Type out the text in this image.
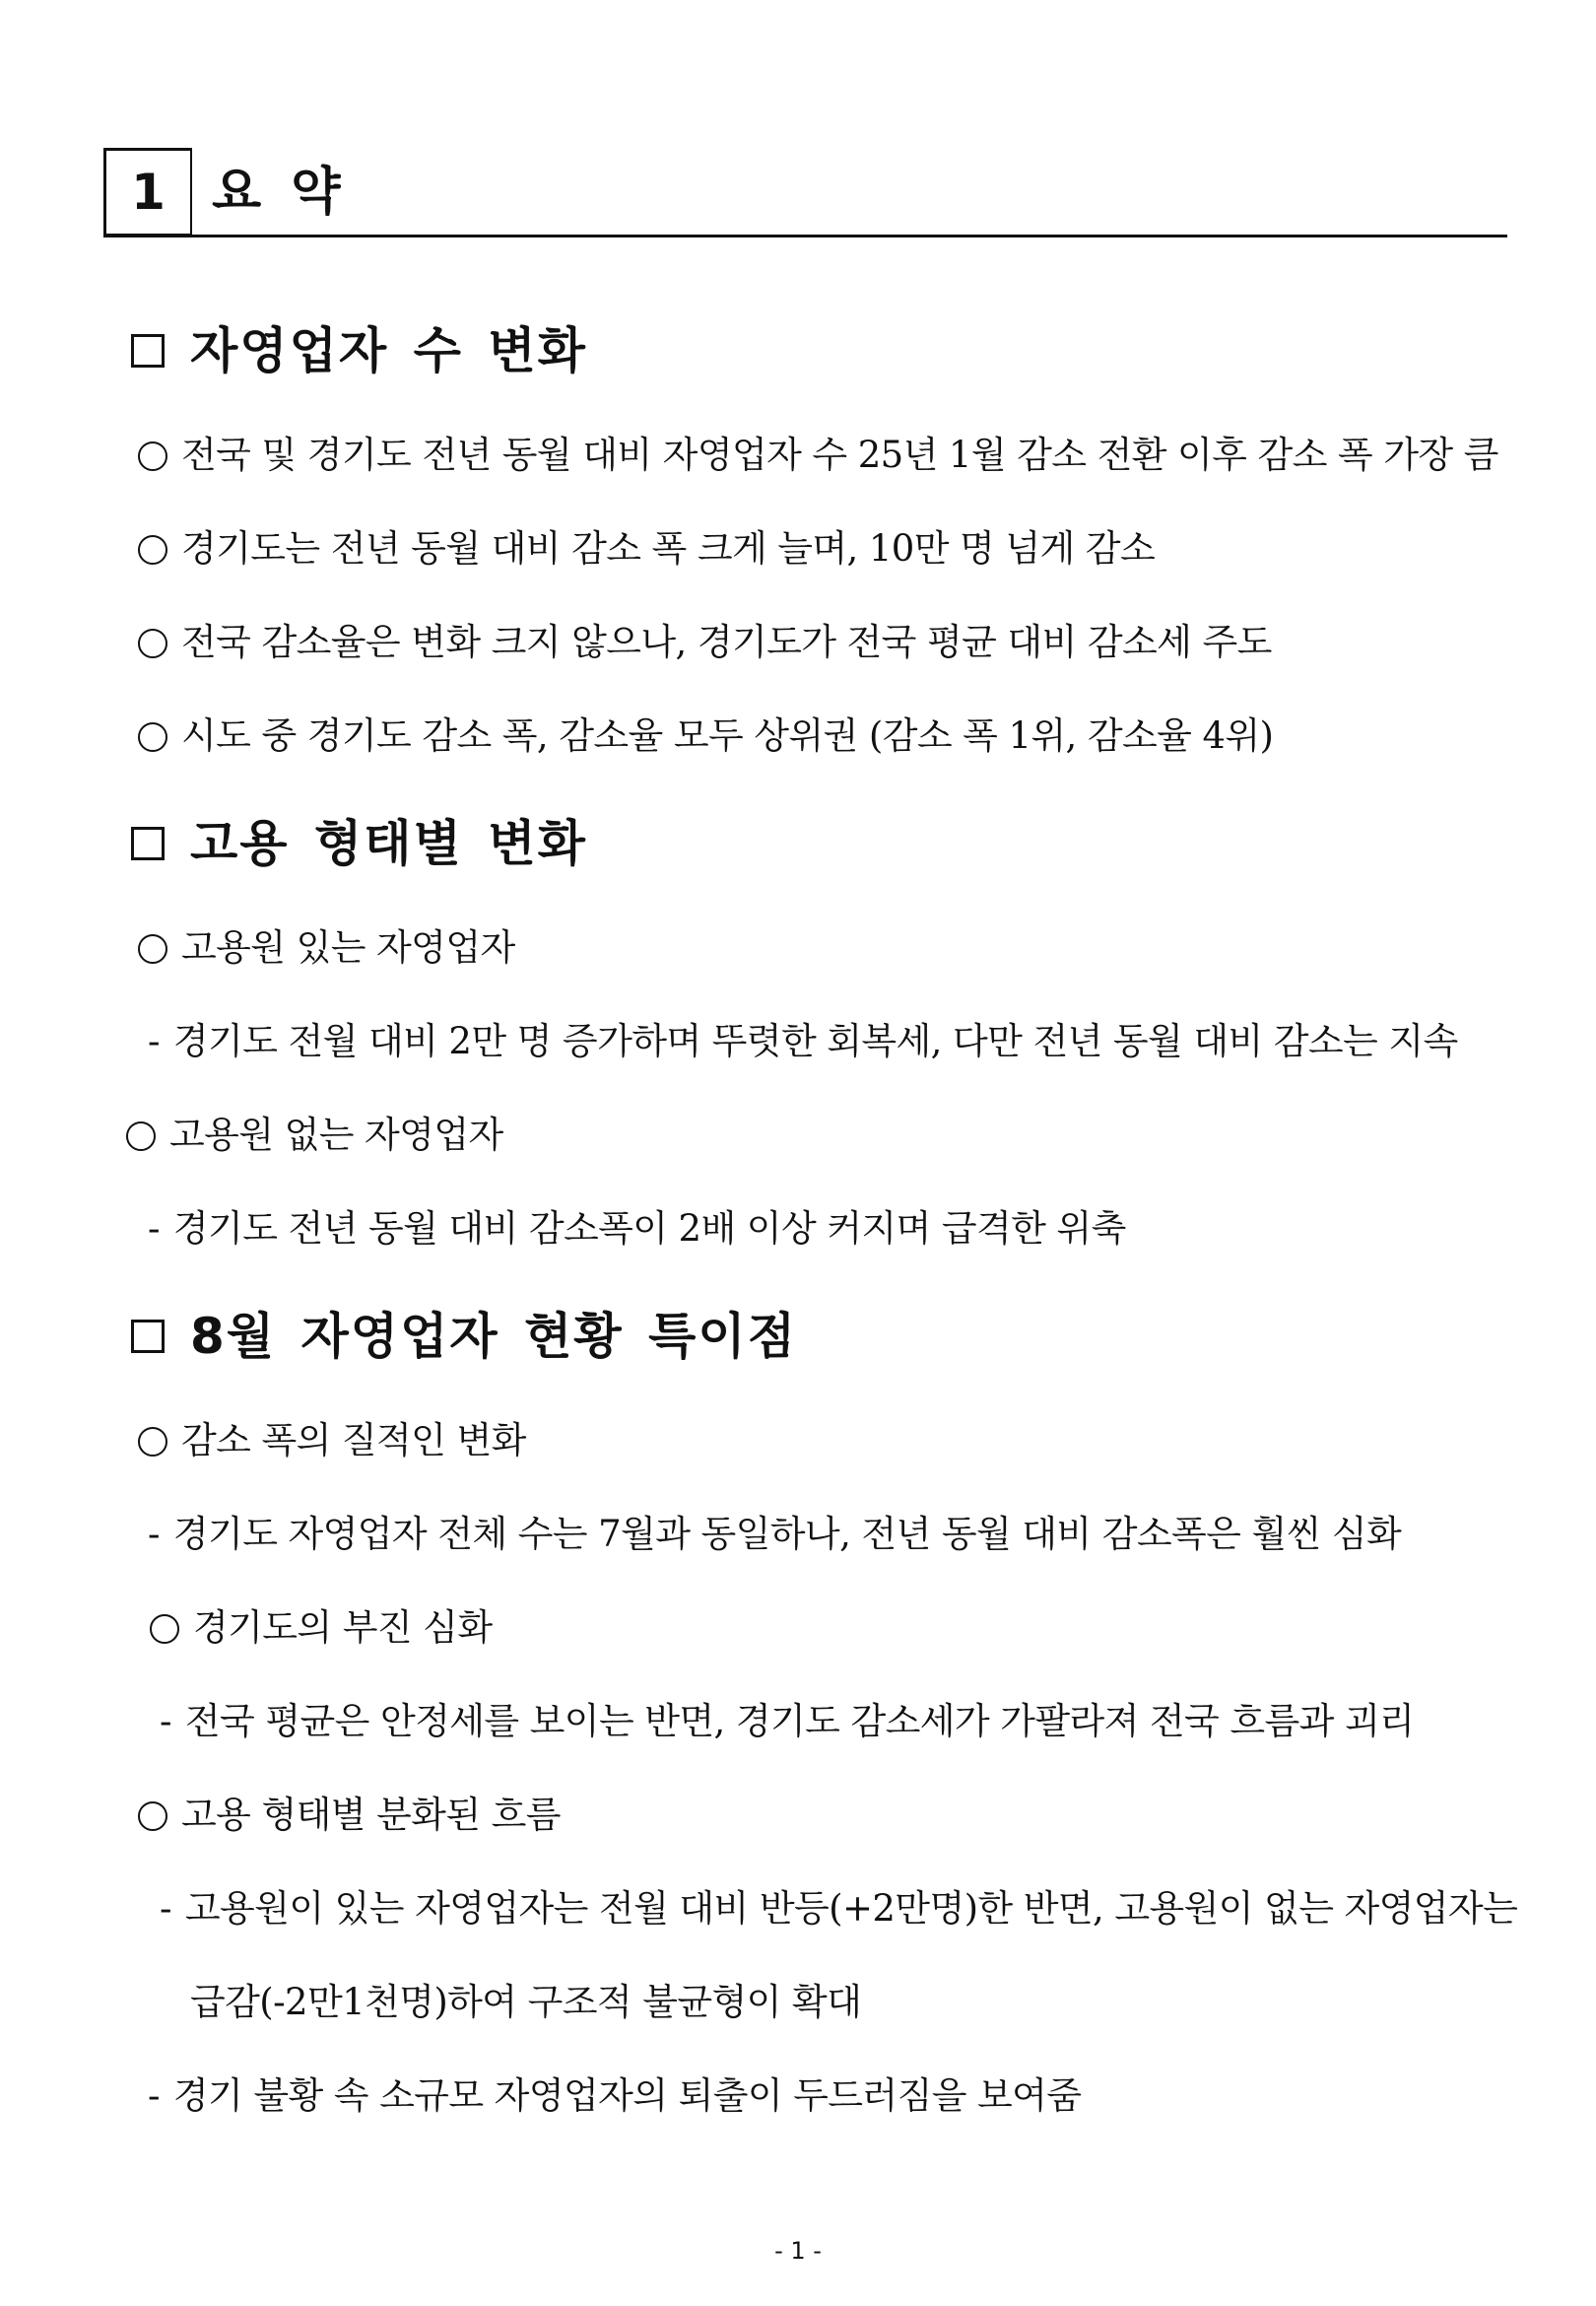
1 요 약
자영업자 수 변화
전국 및 경기도 전년 동월 대비 자영업자 수 25년 1월 감소 전환 이후 감소 폭 가장 큼
경기도는 전년 동월 대비 감소 폭 크게 늘며, 10만 명 넘게 감소
전국 감소율은 변화 크지 않으나, 경기도가 전국 평균 대비 감소세 주도
시도 중 경기도 감소 폭, 감소율 모두 상위권 (감소 폭 1위, 감소율 4위)
고용 형태별 변화
고용원 있는 자영업자
- 경기도 전월 대비 2만 명 증가하며 뚜렷한 회복세, 다만 전년 동월 대비 감소는 지속
고용원 없는 자영업자
- 경기도 전년 동월 대비 감소폭이 2배 이상 커지며 급격한 위축
8월 자영업자 현황 특이점
감소 폭의 질적인 변화
- 경기도 자영업자 전체 수는 7월과 동일하나, 전년 동월 대비 감소폭은 훨씬 심화
경기도의 부진 심화
- 전국 평균은 안정세를 보이는 반면, 경기도 감소세가 가팔라져 전국 흐름과 괴리
고용 형태별 분화된 흐름
- 고용원이 있는 자영업자는 전월 대비 반등(+2만명)한 반면, 고용원이 없는 자영업자는
급감(-2만1천명)하여 구조적 불균형이 확대
- 경기 불황 속 소규모 자영업자의 퇴출이 두드러짐을 보여줌
- 1 -
